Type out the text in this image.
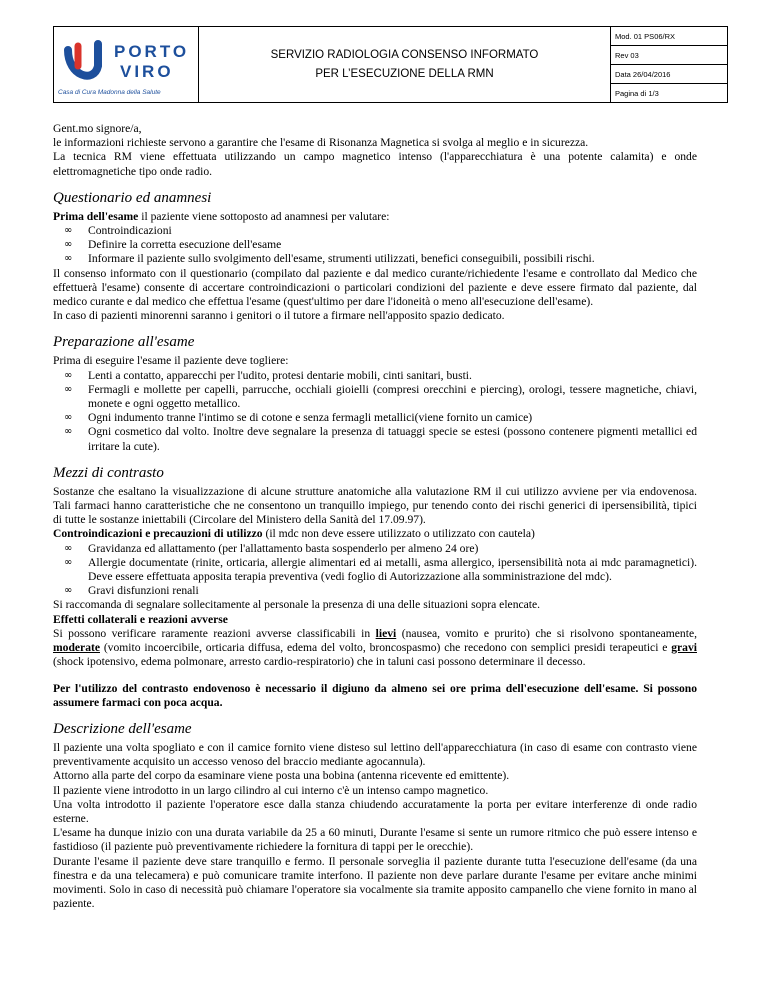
PORTO
VIRO
Casa di Cura Madonna della Salute

SERVIZIO RADIOLOGIA CONSENSO INFORMATO
PER L’ESECUZIONE DELLA RMN
	Mod. 01 PS06/RX
Rev 03
Data 26/04/2016
Pagina di 1/3

Gent.mo signore/a,

le informazioni richieste servono a garantire che l'esame di Risonanza Magnetica si svolga al meglio e in sicurezza.

La tecnica RM viene effettuata utilizzando un campo magnetico intenso (l'apparecchiatura è una potente calamita) e onde elettromagnetiche tipo onde radio.

Questionario ed anamnesi

Prima dell'esame il paziente viene sottoposto ad anamnesi per valutare:

∞ Controindicazioni
∞ Definire la corretta esecuzione dell'esame
∞ Informare il paziente sullo svolgimento dell'esame, strumenti utilizzati, benefici conseguibili, possibili rischi.

Il consenso informato con il questionario (compilato dal paziente e dal medico curante/richiedente l'esame e controllato dal Medico che effettuerà l'esame) consente di accertare controindicazioni o particolari condizioni del paziente e deve essere firmato dal paziente, dal medico curante e dal medico che effettua l'esame (quest'ultimo per dare l'idoneità o meno all'esecuzione dell'esame).

In caso di pazienti minorenni saranno i genitori o il tutore a firmare nell'apposito spazio dedicato.

Preparazione all'esame

Prima di eseguire l'esame il paziente deve togliere:

∞ Lenti a contatto, apparecchi per l'udito, protesi dentarie mobili, cinti sanitari, busti.
∞ Fermagli e mollette per capelli, parrucche, occhiali gioielli (compresi orecchini e piercing), orologi, tessere magnetiche, chiavi, monete e ogni oggetto metallico.
∞ Ogni indumento tranne l'intimo se di cotone e senza fermagli metallici(viene fornito un camice)
∞ Ogni cosmetico dal volto. Inoltre deve segnalare la presenza di tatuaggi specie se estesi (possono contenere pigmenti metallici ed irritare la cute).
Mezzi di contrasto

Sostanze che esaltano la visualizzazione di alcune strutture anatomiche alla valutazione RM il cui utilizzo avviene per via endovenosa. Tali farmaci hanno caratteristiche che ne consentono un tranquillo impiego, pur tenendo conto dei rischi generici di ipersensibilità, tipici di tutte le sostanze iniettabili (Circolare del Ministero della Sanità del 17.09.97).

Controindicazioni e precauzioni di utilizzo (il mdc non deve essere utilizzato o utilizzato con cautela)

∞ Gravidanza ed allattamento (per l'allattamento basta sospenderlo per almeno 24 ore)
∞ Allergie documentate (rinite, orticaria, allergie alimentari ed ai metalli, asma allergico, ipersensibilità nota ai mdc paramagnetici). Deve essere effettuata apposita terapia preventiva (vedi foglio di Autorizzazione alla somministrazione del mdc).
∞ Gravi disfunzioni renali

Si raccomanda di segnalare sollecitamente al personale la presenza di una delle situazioni sopra elencate.

Effetti collaterali e reazioni avverse

Si possono verificare raramente reazioni avverse classificabili in lievi (nausea, vomito e prurito) che si risolvono spontaneamente, moderate (vomito incoercibile, orticaria diffusa, edema del volto, broncospasmo) che recedono con semplici presidi terapeutici e gravi (shock ipotensivo, edema polmonare, arresto cardio-respiratorio) che in taluni casi possono determinare il decesso.

Per l'utilizzo del contrasto endovenoso è necessario il digiuno da almeno sei ore prima dell'esecuzione dell'esame. Si possono assumere farmaci con poca acqua.

Descrizione dell'esame

Il paziente una volta spogliato e con il camice fornito viene disteso sul lettino dell'apparecchiatura (in caso di esame con contrasto viene preventivamente acquisito un accesso venoso del braccio mediante agocannula).

Attorno alla parte del corpo da esaminare viene posta una bobina (antenna ricevente ed emittente).

Il paziente viene introdotto in un largo cilindro al cui interno c'è un intenso campo magnetico.

Una volta introdotto il paziente l'operatore esce dalla stanza chiudendo accuratamente la porta per evitare interferenze di onde radio esterne.

L'esame ha dunque inizio con una durata variabile da 25 a 60 minuti, Durante l'esame si sente un rumore ritmico che può essere intenso e fastidioso (il paziente può preventivamente richiedere la fornitura di tappi per le orecchie).

Durante l'esame il paziente deve stare tranquillo e fermo. Il personale sorveglia il paziente durante tutta l'esecuzione dell'esame (da una finestra e da una telecamera) e può comunicare tramite interfono. Il paziente non deve parlare durante l'esame per evitare anche minimi movimenti. Solo in caso di necessità può chiamare l'operatore sia vocalmente sia tramite apposito campanello che viene fornito in mano al paziente.
